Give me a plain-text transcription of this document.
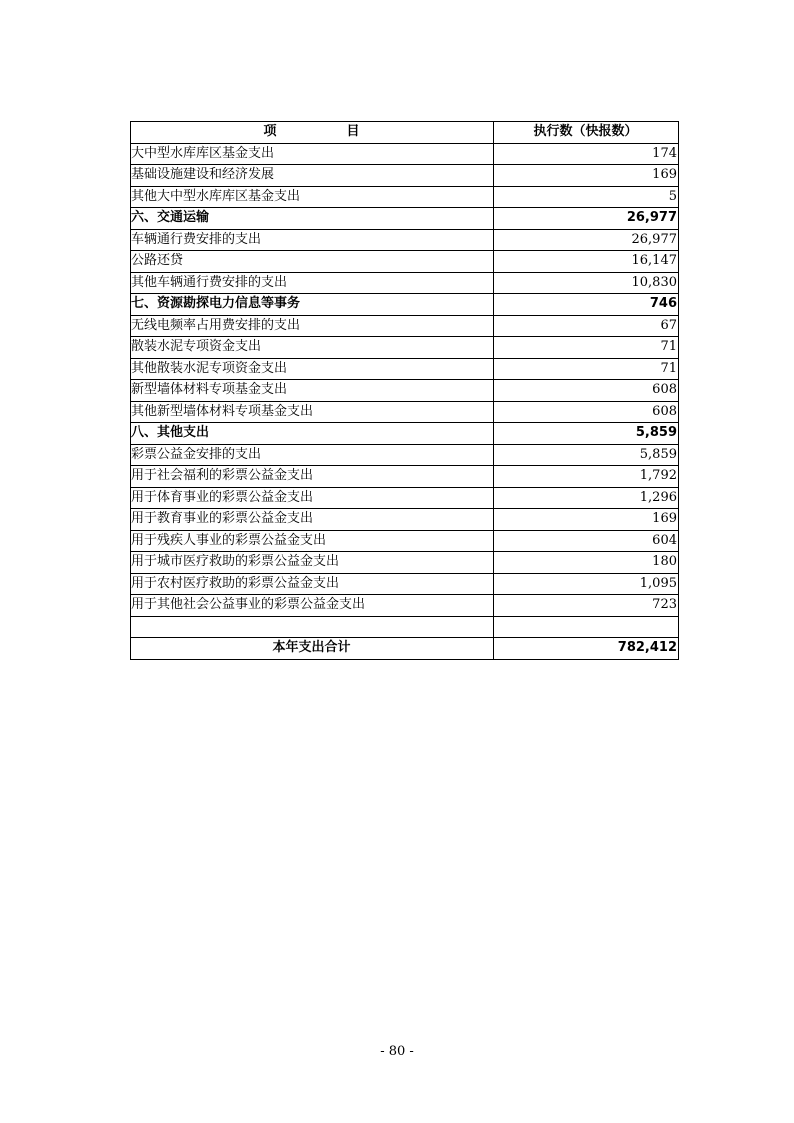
项 目	执行数（快报数）
大中型水库库区基金支出	174
基础设施建设和经济发展	169
其他大中型水库库区基金支出	5
六、交通运输	26,977
车辆通行费安排的支出	26,977
公路还贷	16,147
其他车辆通行费安排的支出	10,830
七、资源勘探电力信息等事务	746
无线电频率占用费安排的支出	67
散装水泥专项资金支出	71
其他散装水泥专项资金支出	71
新型墙体材料专项基金支出	608
其他新型墙体材料专项基金支出	608
八、其他支出	5,859
彩票公益金安排的支出	5,859
用于社会福利的彩票公益金支出	1,792
用于体育事业的彩票公益金支出	1,296
用于教育事业的彩票公益金支出	169
用于残疾人事业的彩票公益金支出	604
用于城市医疗救助的彩票公益金支出	180
用于农村医疗救助的彩票公益金支出	1,095
用于其他社会公益事业的彩票公益金支出	723

本年支出合计	782,412
- 80 -
